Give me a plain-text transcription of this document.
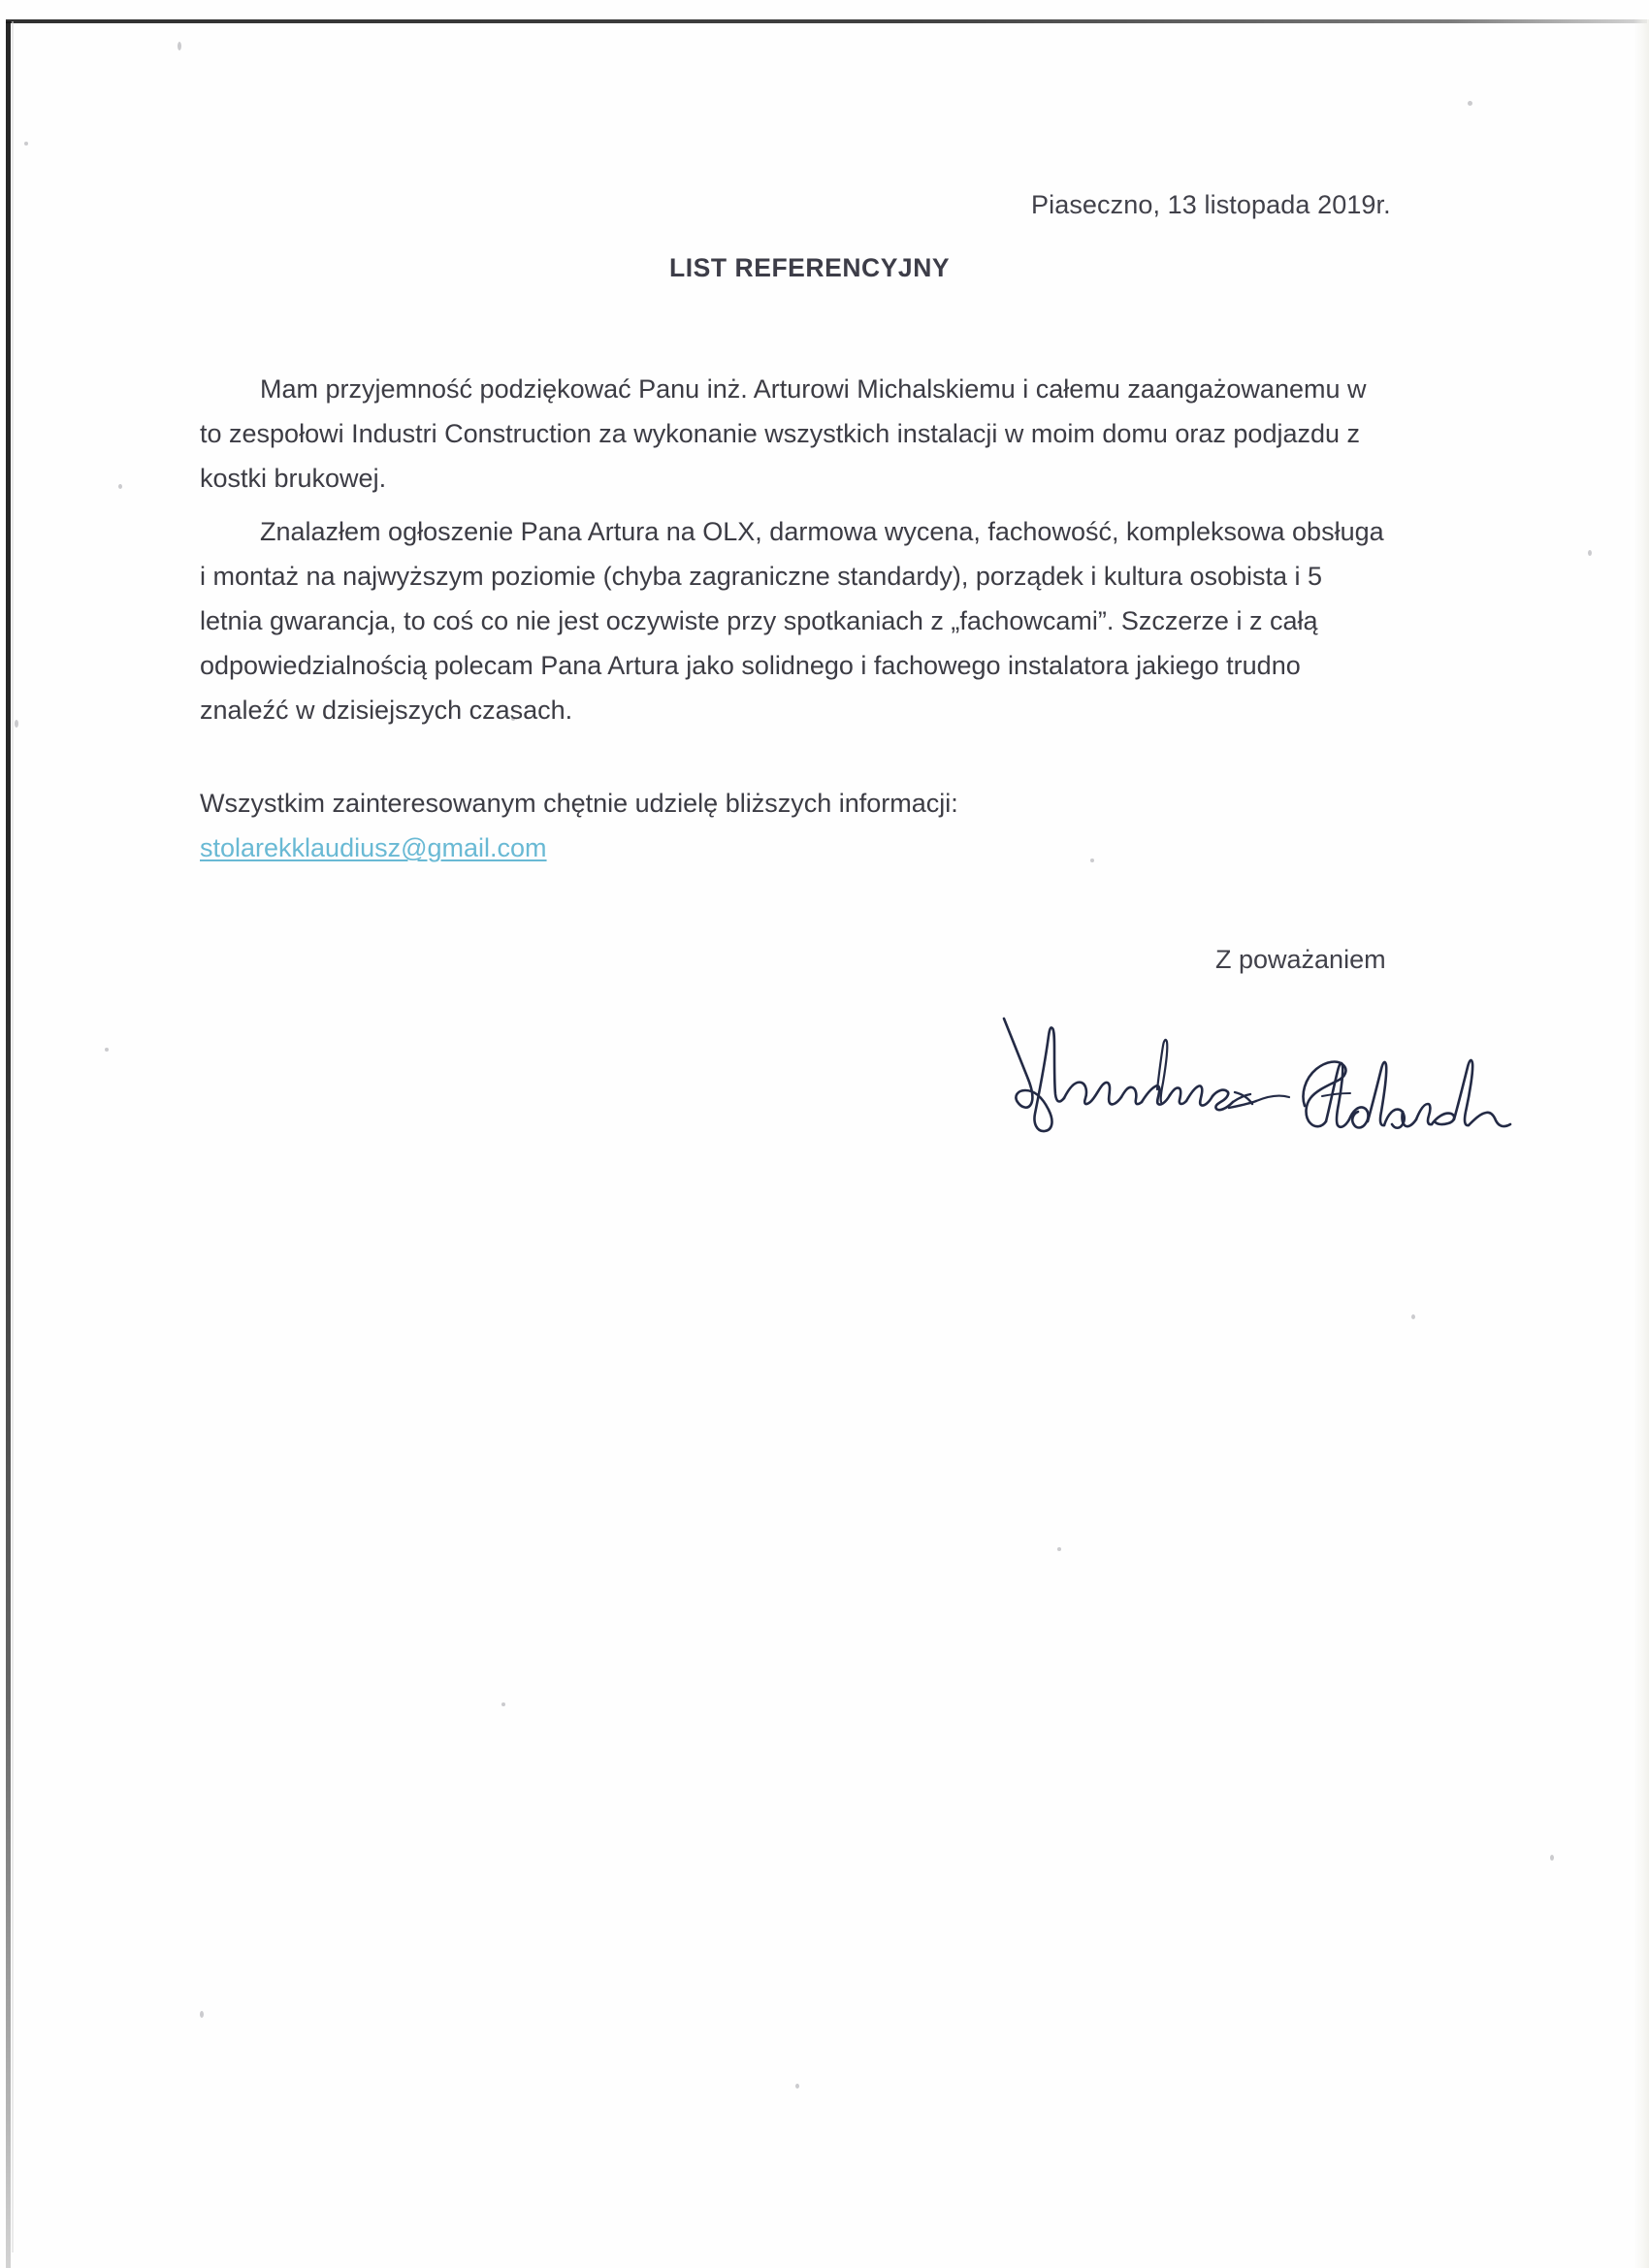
Piaseczno, 13 listopada 2019r.
LIST REFERENCYJNY
Mam przyjemność podziękować Panu inż. Arturowi Michalskiemu i całemu zaangażowanemu w to zespołowi Industri Construction za wykonanie wszystkich instalacji w moim domu oraz podjazdu z kostki brukowej.
Znalazłem ogłoszenie Pana Artura na OLX, darmowa wycena, fachowość, kompleksowa obsługa i montaż na najwyższym poziomie (chyba zagraniczne standardy), porządek i kultura osobista i 5 letnia gwarancja, to coś co nie jest oczywiste przy spotkaniach z „fachowcami”. Szczerze i z całą odpowiedzialnością polecam Pana Artura jako solidnego i fachowego instalatora jakiego trudno znaleźć w dzisiejszych czasach.
Wszystkim zainteresowanym chętnie udzielę bliższych informacji:
stolarekklaudiusz@gmail.com
Z poważaniem
